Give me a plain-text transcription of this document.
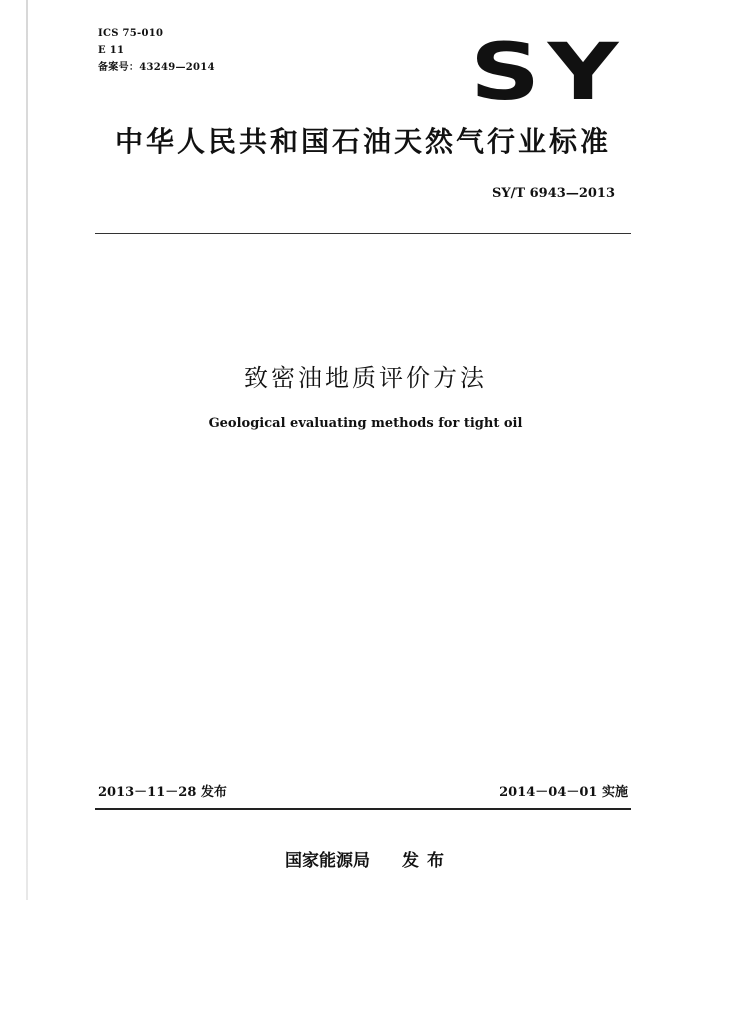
ICS 75-010
E 11
备案号：43249—2014	SY
中华人民共和国石油天然气行业标准
SY/T 6943—2013
致密油地质评价方法
Geological evaluating methods for tight oil
2013－11－28 发布	2014－04－01 实施
国家能源局 发布
